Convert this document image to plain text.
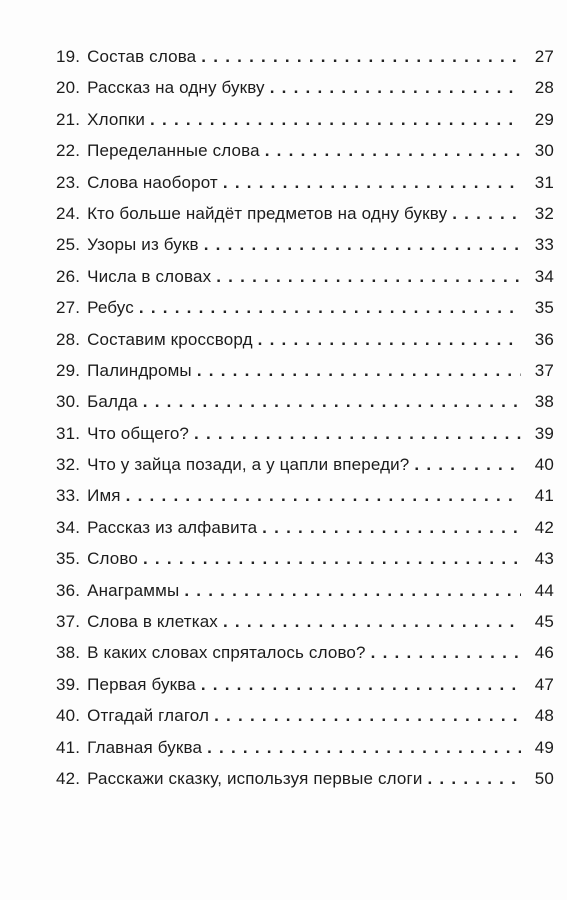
19. Состав слова . . .	27
20. Рассказ на одну букву . . .	28
21. Хлопки . . .	29
22. Переделанные слова . . .	30
23. Слова наоборот . . .	31
24. Кто больше найдёт предметов на одну букву . . .	32
25. Узоры из букв . . .	33
26. Числа в словах . . .	34
27. Ребус . . .	35
28. Составим кроссворд . . .	36
29. Палиндромы . . .	37
30. Балда . . .	38
31. Что общего? . . .	39
32. Что у зайца позади, а у цапли впереди? . . .	40
33. Имя . . .	41
34. Рассказ из алфавита . . .	42
35. Слово . . .	43
36. Анаграммы . . .	44
37. Слова в клетках . . .	45
38. В каких словах спряталось слово? . . .	46
39. Первая буква . . .	47
40. Отгадай глагол . . .	48
41. Главная буква . . .	49
42. Расскажи сказку, используя первые слоги . . .	50
